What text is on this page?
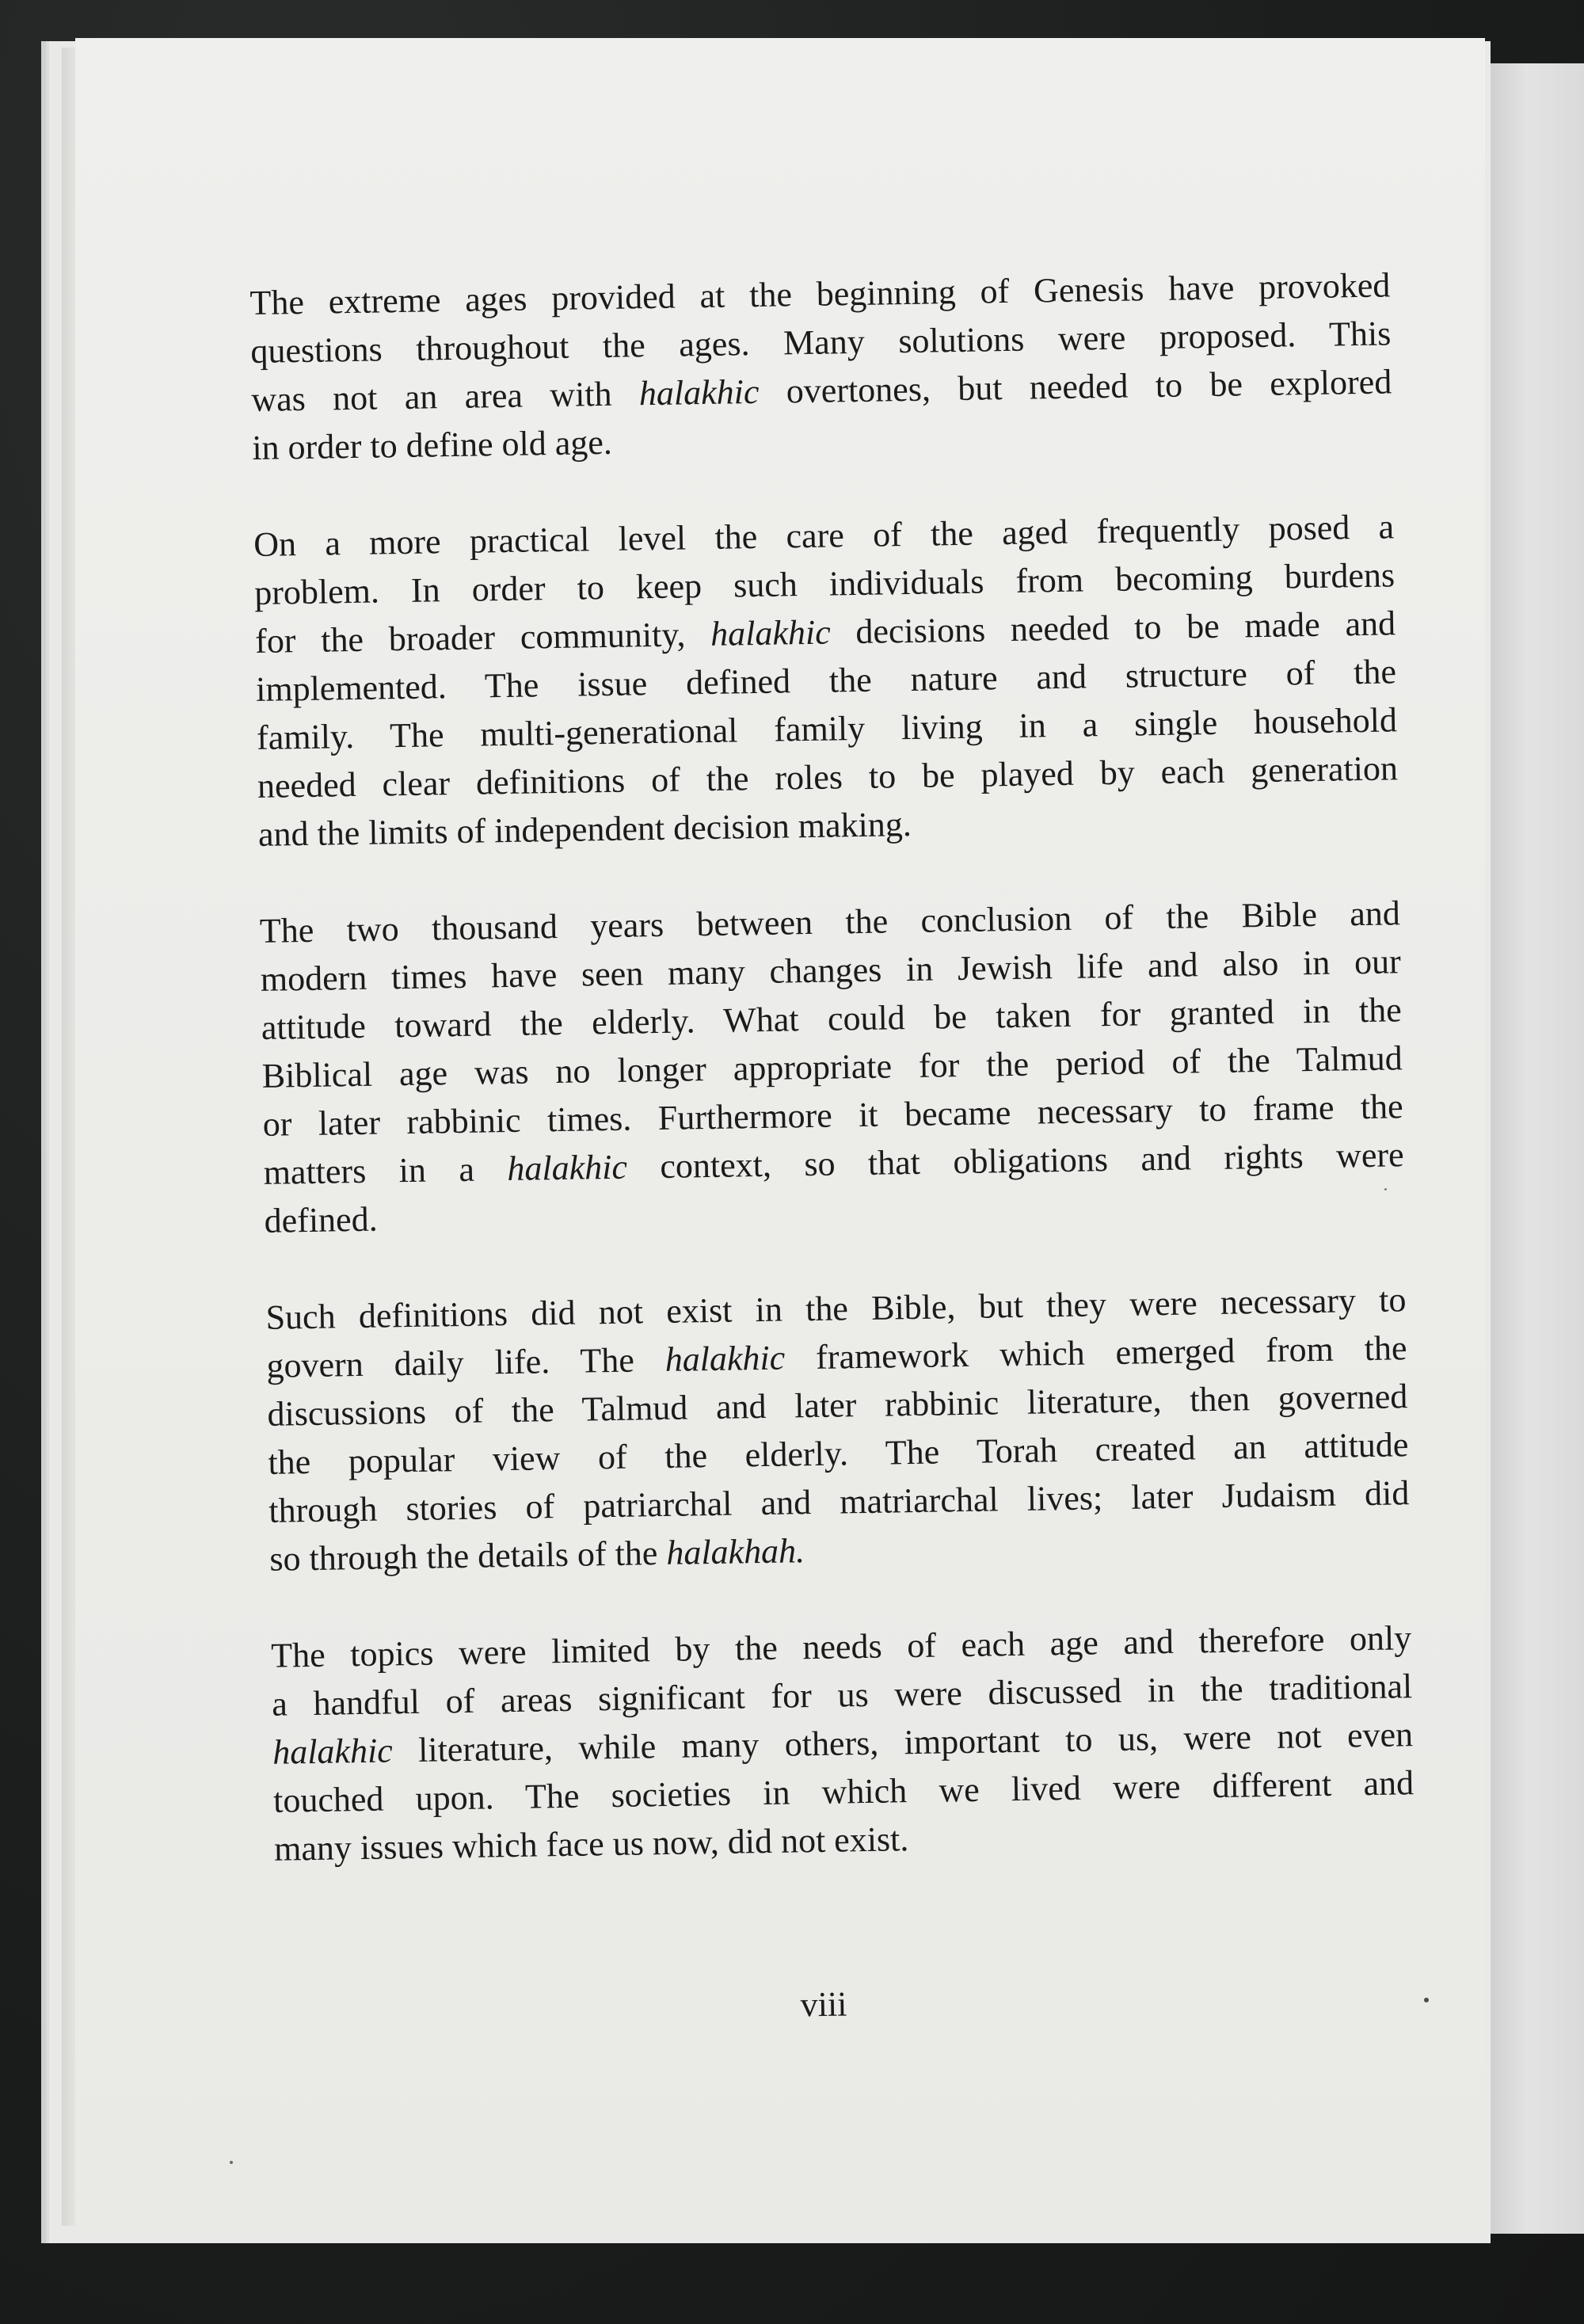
The extreme ages provided at the beginning of Genesis have provoked
questions throughout the ages. Many solutions were proposed. This
was not an area with halakhic overtones, but needed to be explored
in order to define old age.

On a more practical level the care of the aged frequently posed a
problem. In order to keep such individuals from becoming burdens
for the broader community, halakhic decisions needed to be made and
implemented. The issue defined the nature and structure of the
family. The multi-generational family living in a single household
needed clear definitions of the roles to be played by each generation
and the limits of independent decision making.

The two thousand years between the conclusion of the Bible and
modern times have seen many changes in Jewish life and also in our
attitude toward the elderly. What could be taken for granted in the
Biblical age was no longer appropriate for the period of the Talmud
or later rabbinic times. Furthermore it became necessary to frame the
matters in a halakhic context, so that obligations and rights were
defined.

Such definitions did not exist in the Bible, but they were necessary to
govern daily life. The halakhic framework which emerged from the
discussions of the Talmud and later rabbinic literature, then governed
the popular view of the elderly. The Torah created an attitude
through stories of patriarchal and matriarchal lives; later Judaism did
so through the details of the halakhah.

The topics were limited by the needs of each age and therefore only
a handful of areas significant for us were discussed in the traditional
halakhic literature, while many others, important to us, were not even
touched upon. The societies in which we lived were different and
many issues which face us now, did not exist.

viii
